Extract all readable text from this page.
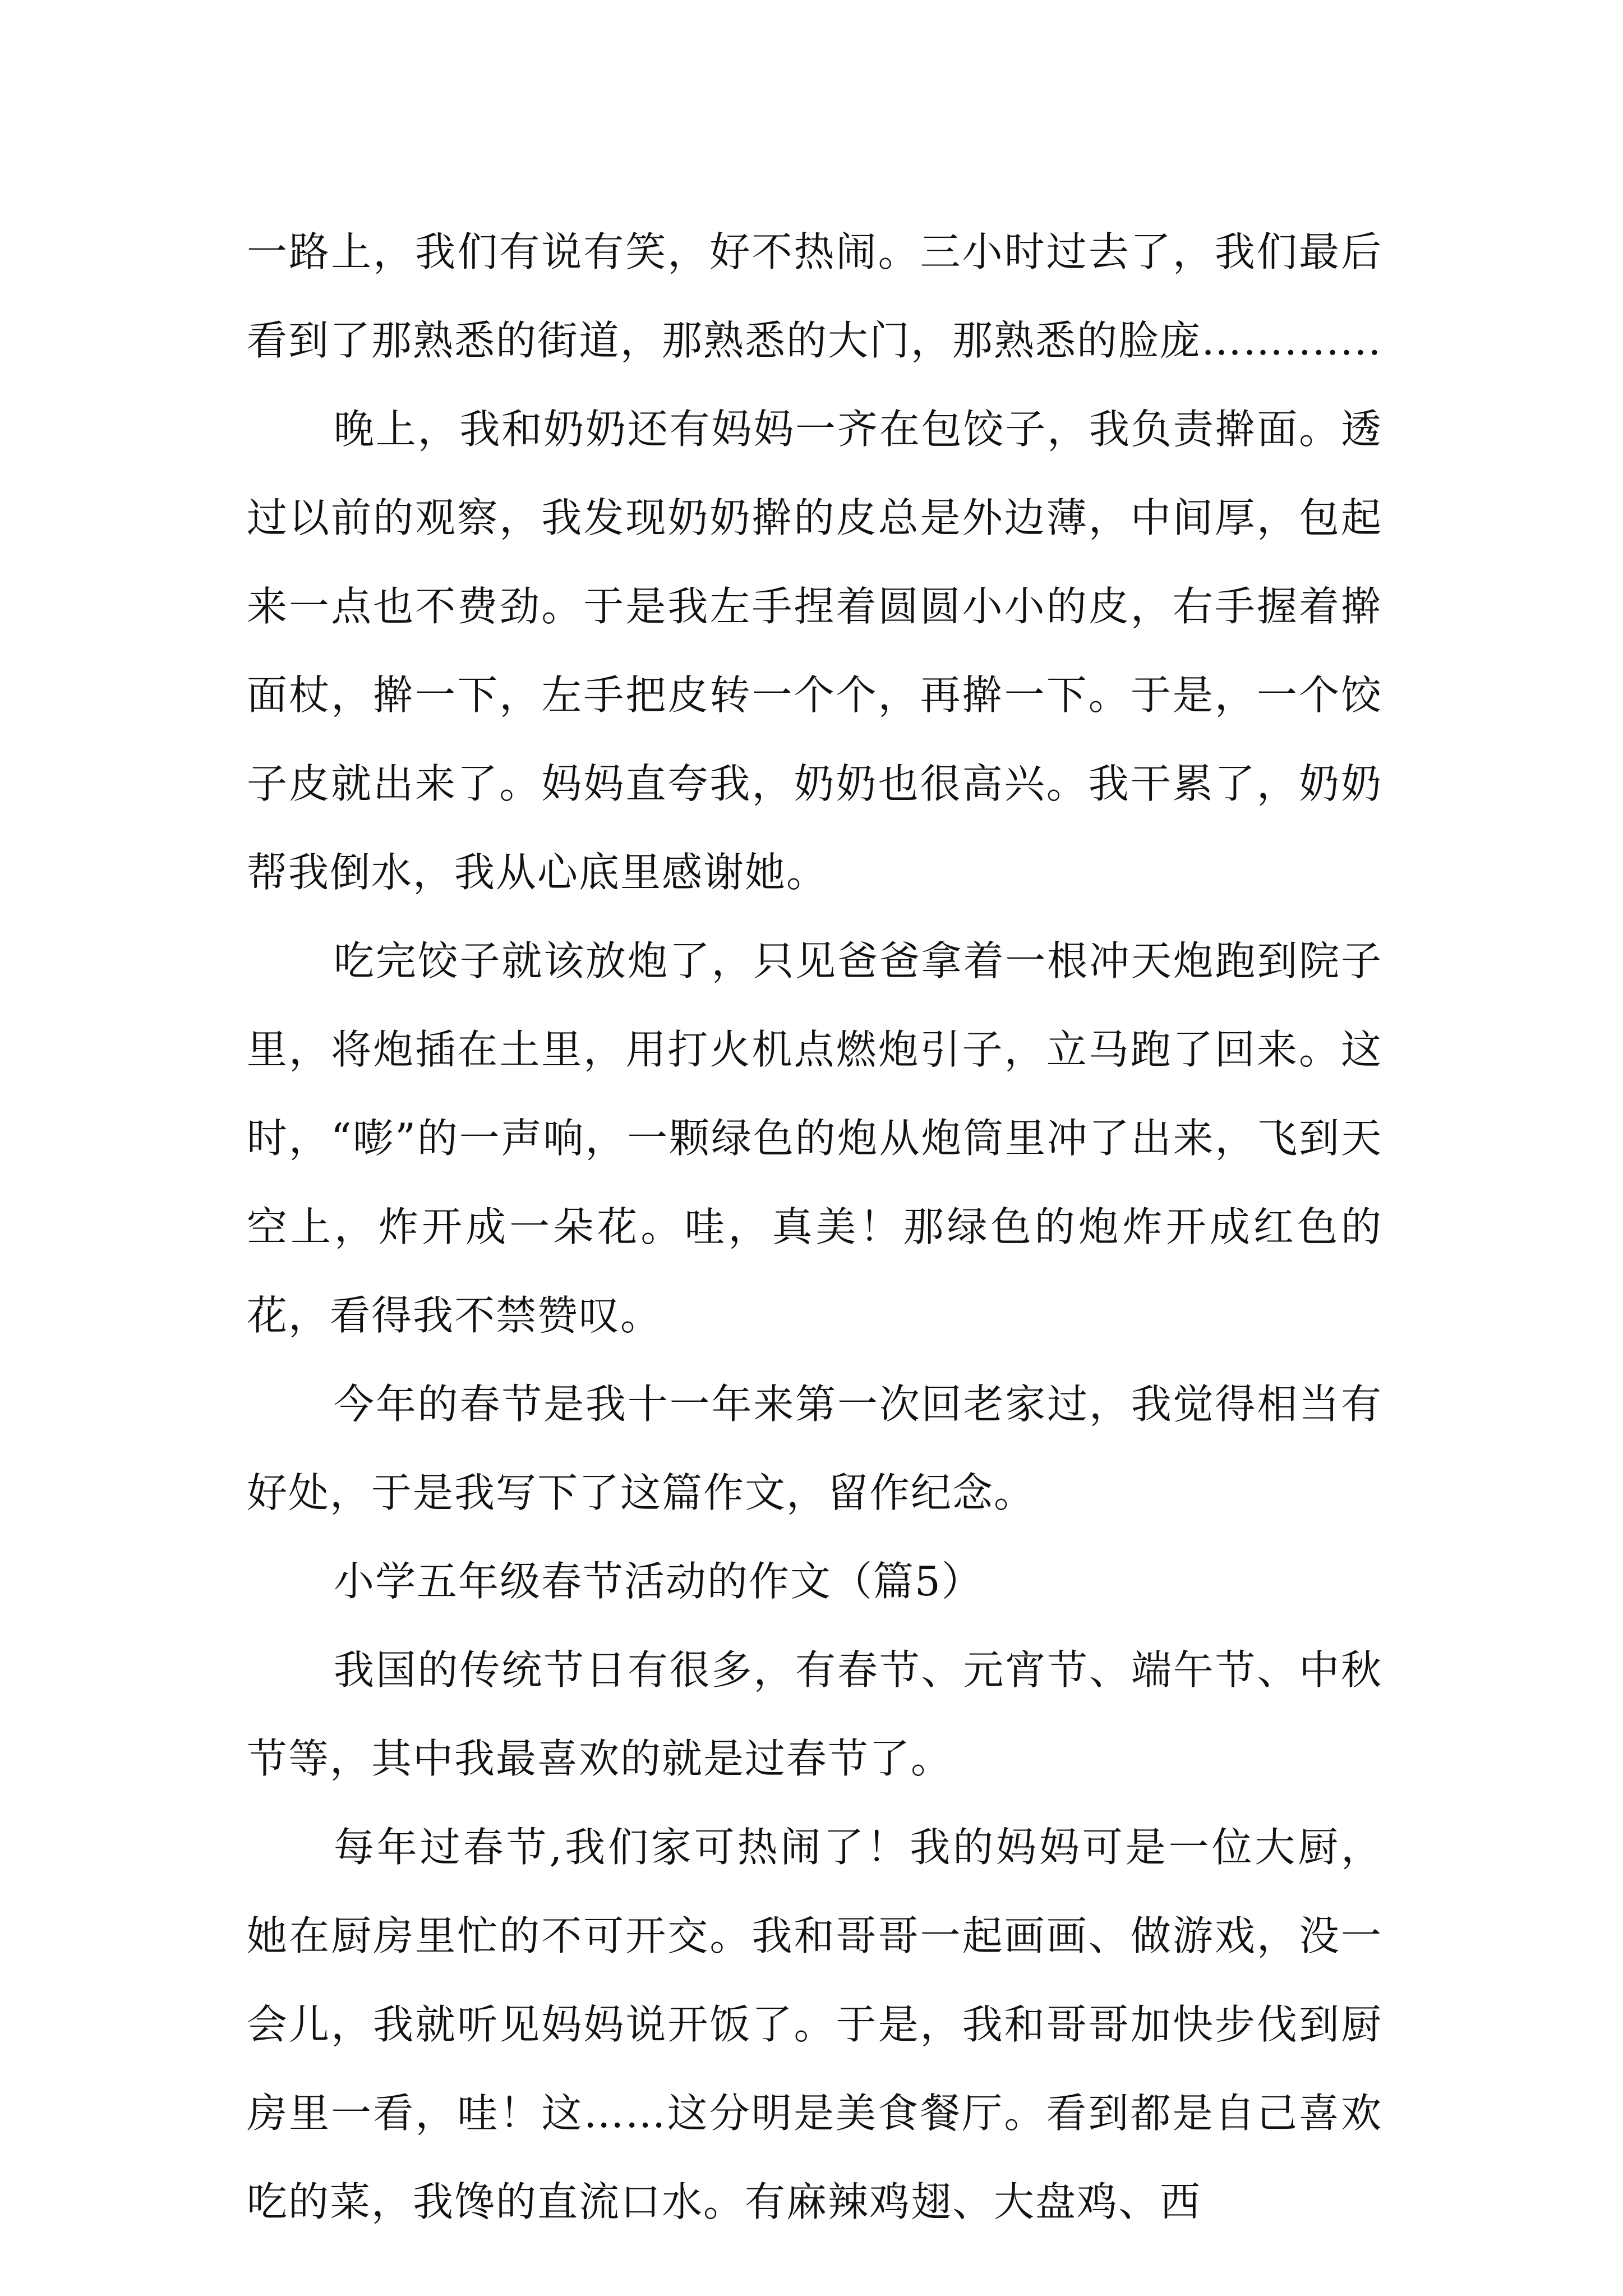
一路上，我们有说有笑，好不热闹。三小时过去了，我们最后看到了那熟悉的街道，那熟悉的大门，那熟悉的脸庞…….......

晚上，我和奶奶还有妈妈一齐在包饺子，我负责擀面。透过以前的观察，我发现奶奶擀的皮总是外边薄，中间厚，包起来一点也不费劲。于是我左手捏着圆圆小小的皮，右手握着擀面杖，擀一下，左手把皮转一个个，再擀一下。于是，一个饺子皮就出来了。妈妈直夸我，奶奶也很高兴。我干累了，奶奶帮我倒水，我从心底里感谢她。

吃完饺子就该放炮了，只见爸爸拿着一根冲天炮跑到院子里，将炮插在土里，用打火机点燃炮引子，立马跑了回来。这时，“嘭”的一声响，一颗绿色的炮从炮筒里冲了出来，飞到天空上，炸开成一朵花。哇，真美！那绿色的炮炸开成红色的花，看得我不禁赞叹。

今年的春节是我十一年来第一次回老家过，我觉得相当有好处，于是我写下了这篇作文，留作纪念。

小学五年级春节活动的作文（篇5）

我国的传统节日有很多，有春节、元宵节、端午节、中秋节等，其中我最喜欢的就是过春节了。

每年过春节,我们家可热闹了！我的妈妈可是一位大厨，她在厨房里忙的不可开交。我和哥哥一起画画、做游戏，没一会儿，我就听见妈妈说开饭了。于是，我和哥哥加快步伐到厨房里一看，哇！这……这分明是美食餐厅。看到都是自己喜欢吃的菜，我馋的直流口水。有麻辣鸡翅、大盘鸡、西
